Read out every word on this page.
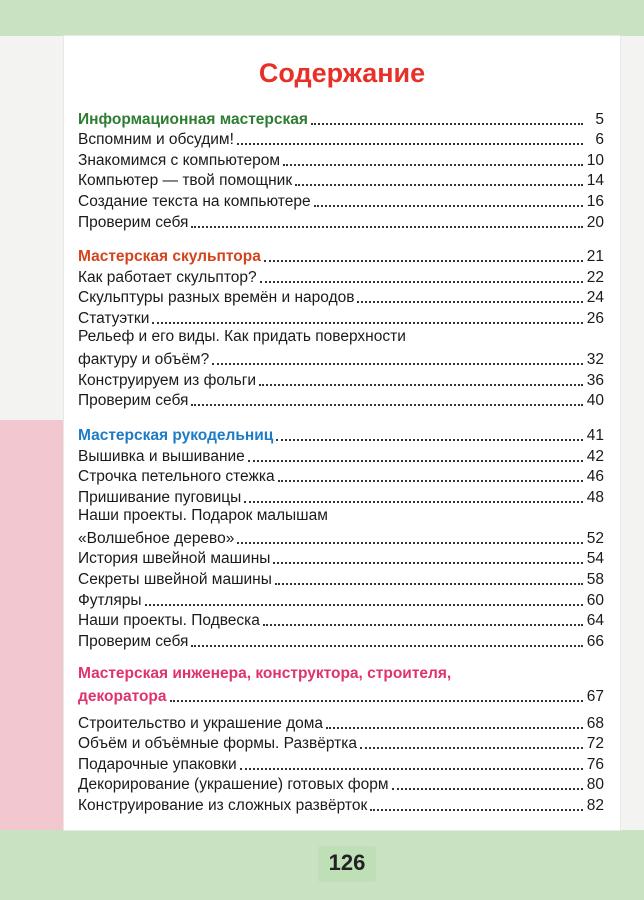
Содержание
Информационная мастерская	5
Вспомним и обсудим!	6
Знакомимся с компьютером	10
Компьютер — твой помощник	14
Создание текста на компьютере	16
Проверим себя	20
Мастерская скульптора	21
Как работает скульптор?	22
Скульптуры разных времён и народов	24
Статуэтки	26
Рельеф и его виды. Как придать поверхности
фактуру и объём?	32
Конструируем из фольги	36
Проверим себя	40
Мастерская рукодельниц	41
Вышивка и вышивание	42
Строчка петельного стежка	46
Пришивание пуговицы	48
Наши проекты. Подарок малышам
«Волшебное дерево»	52
История швейной машины	54
Секреты швейной машины	58
Футляры	60
Наши проекты. Подвеска	64
Проверим себя	66
Мастерская инженера, конструктора, строителя,
декоратора	67
Строительство и украшение дома	68
Объём и объёмные формы. Развёртка	72
Подарочные упаковки	76
Декорирование (украшение) готовых форм	80
Конструирование из сложных развёрток	82
126
